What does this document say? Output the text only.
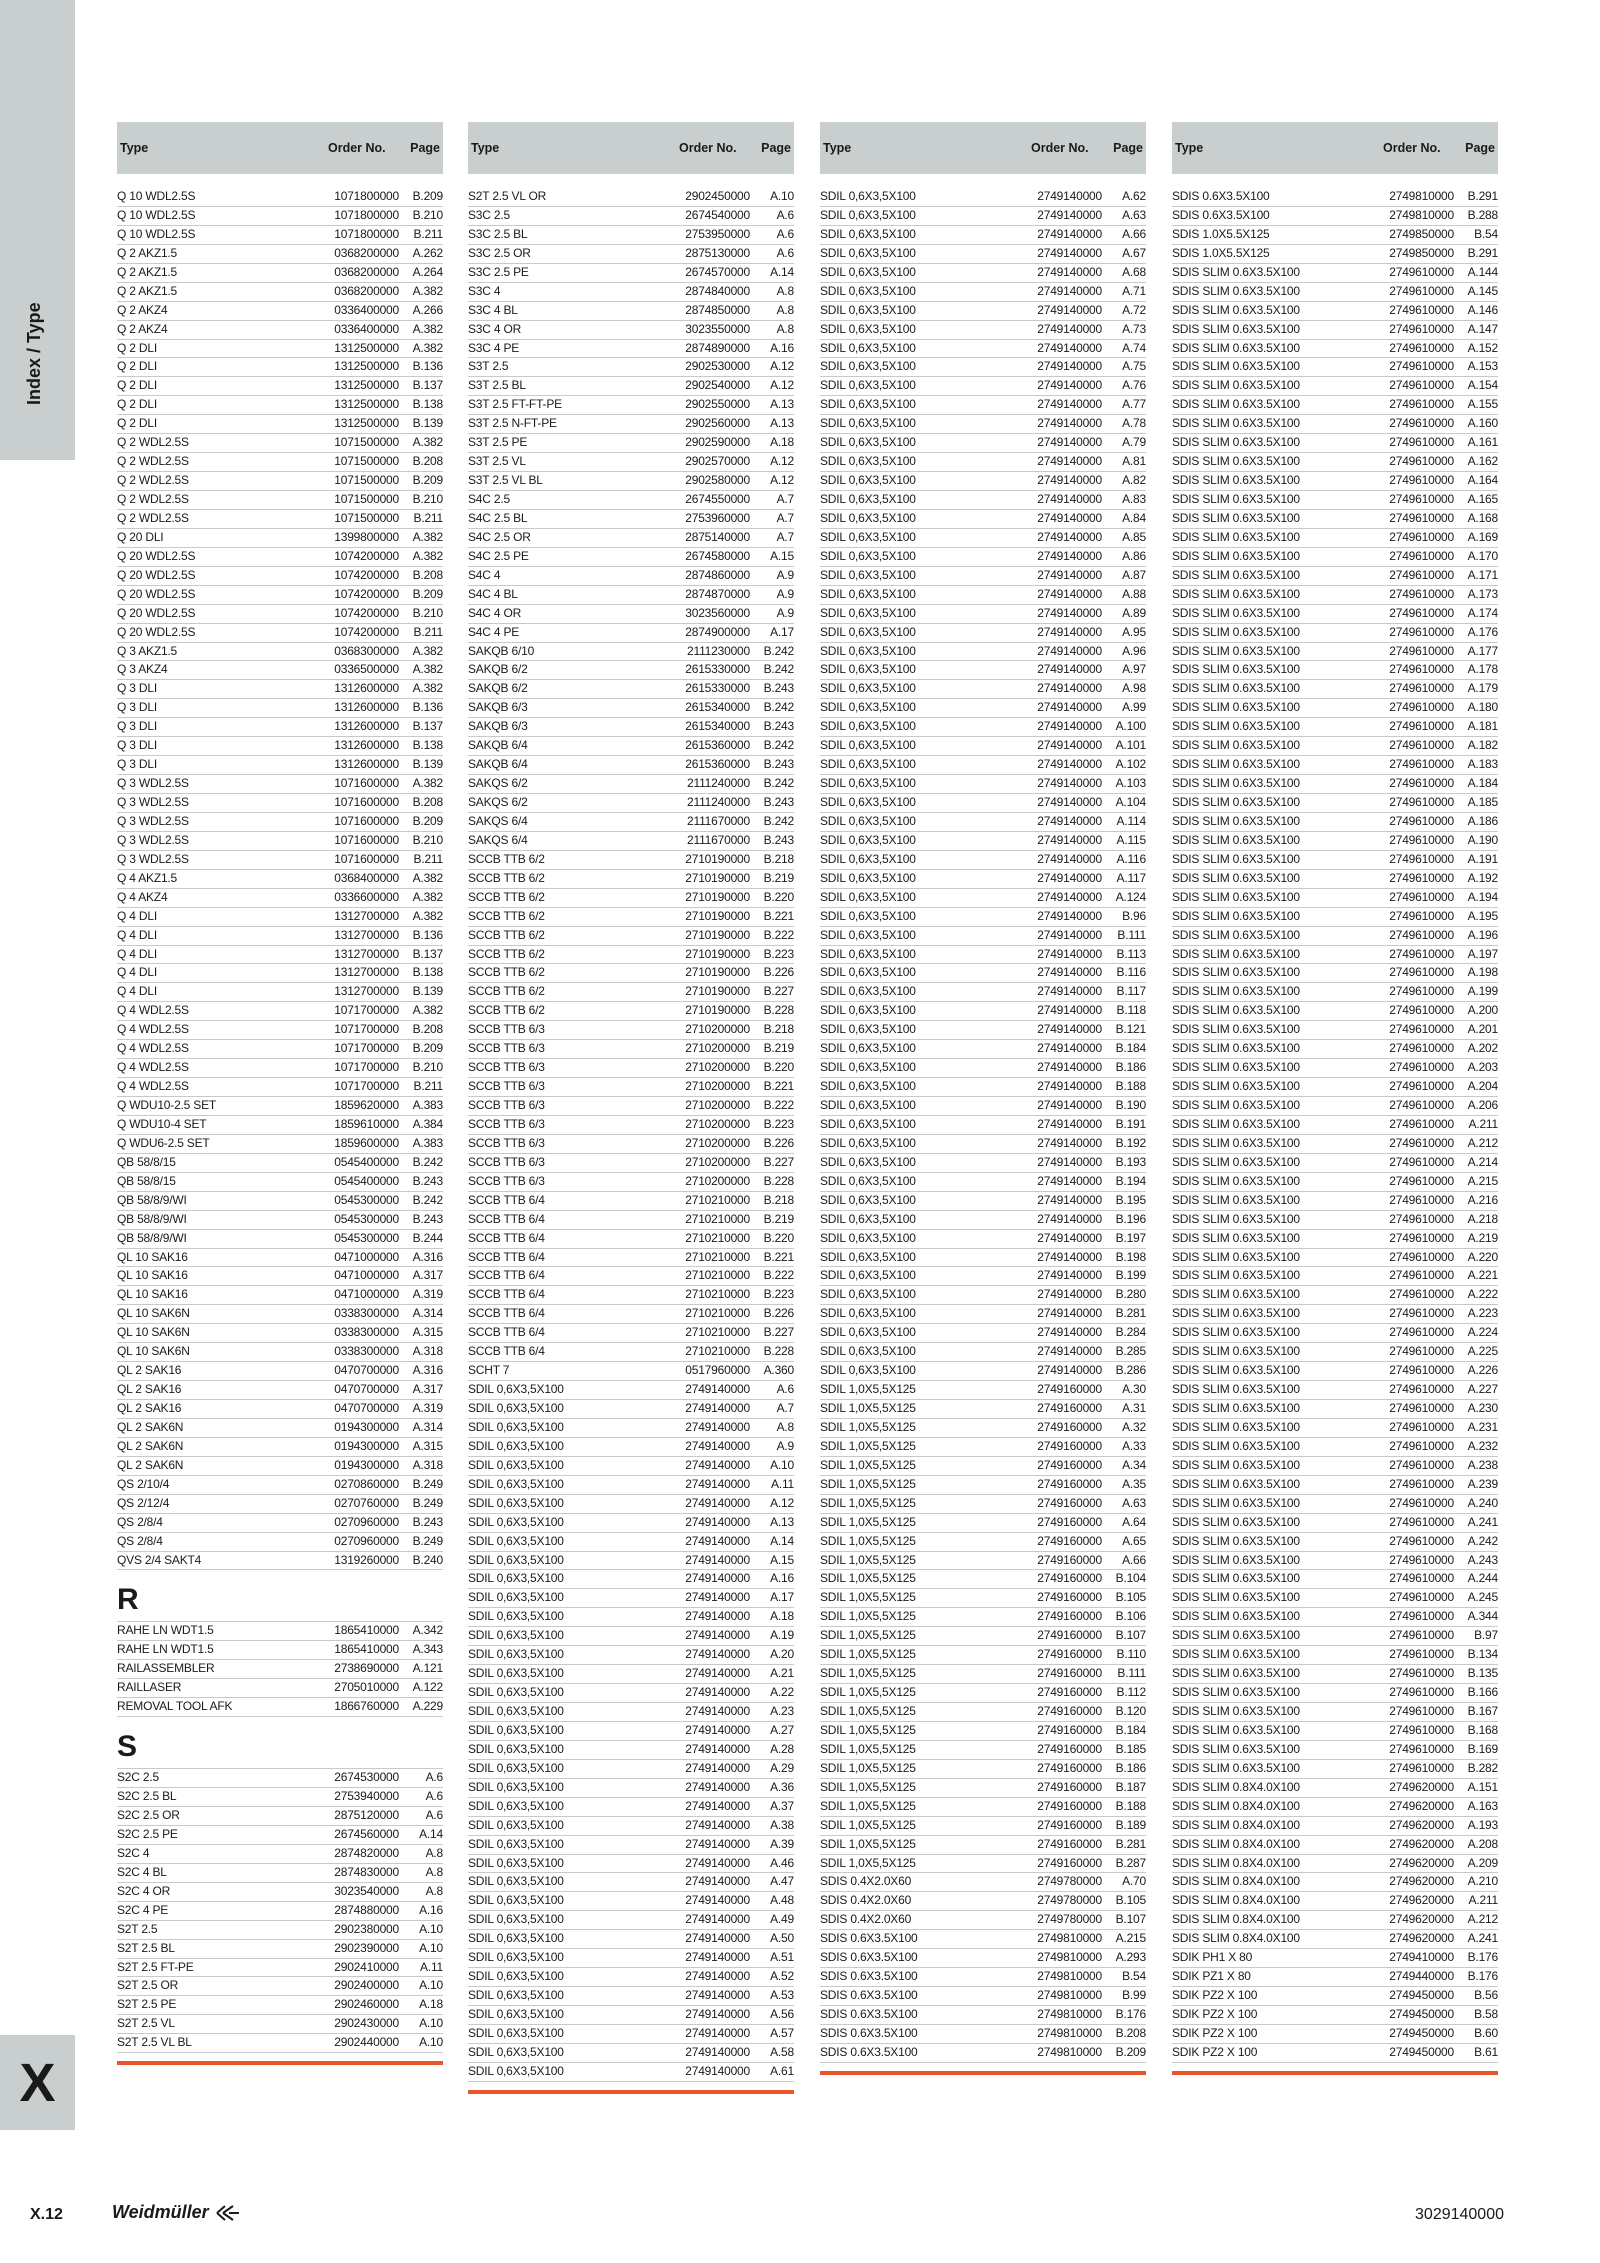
Index / Type
X
Type	Order No.	Page
Q 10 WDL2.5S	1071800000	B.209
Q 10 WDL2.5S	1071800000	B.210
Q 10 WDL2.5S	1071800000	B.211
Q 2 AKZ1.5	0368200000	A.262
Q 2 AKZ1.5	0368200000	A.264
Q 2 AKZ1.5	0368200000	A.382
Q 2 AKZ4	0336400000	A.266
Q 2 AKZ4	0336400000	A.382
Q 2 DLI	1312500000	A.382
Q 2 DLI	1312500000	B.136
Q 2 DLI	1312500000	B.137
Q 2 DLI	1312500000	B.138
Q 2 DLI	1312500000	B.139
Q 2 WDL2.5S	1071500000	A.382
Q 2 WDL2.5S	1071500000	B.208
Q 2 WDL2.5S	1071500000	B.209
Q 2 WDL2.5S	1071500000	B.210
Q 2 WDL2.5S	1071500000	B.211
Q 20 DLI	1399800000	A.382
Q 20 WDL2.5S	1074200000	A.382
Q 20 WDL2.5S	1074200000	B.208
Q 20 WDL2.5S	1074200000	B.209
Q 20 WDL2.5S	1074200000	B.210
Q 20 WDL2.5S	1074200000	B.211
Q 3 AKZ1.5	0368300000	A.382
Q 3 AKZ4	0336500000	A.382
Q 3 DLI	1312600000	A.382
Q 3 DLI	1312600000	B.136
Q 3 DLI	1312600000	B.137
Q 3 DLI	1312600000	B.138
Q 3 DLI	1312600000	B.139
Q 3 WDL2.5S	1071600000	A.382
Q 3 WDL2.5S	1071600000	B.208
Q 3 WDL2.5S	1071600000	B.209
Q 3 WDL2.5S	1071600000	B.210
Q 3 WDL2.5S	1071600000	B.211
Q 4 AKZ1.5	0368400000	A.382
Q 4 AKZ4	0336600000	A.382
Q 4 DLI	1312700000	A.382
Q 4 DLI	1312700000	B.136
Q 4 DLI	1312700000	B.137
Q 4 DLI	1312700000	B.138
Q 4 DLI	1312700000	B.139
Q 4 WDL2.5S	1071700000	A.382
Q 4 WDL2.5S	1071700000	B.208
Q 4 WDL2.5S	1071700000	B.209
Q 4 WDL2.5S	1071700000	B.210
Q 4 WDL2.5S	1071700000	B.211
Q WDU10-2.5 SET	1859620000	A.383
Q WDU10-4 SET	1859610000	A.384
Q WDU6-2.5 SET	1859600000	A.383
QB 58/8/15	0545400000	B.242
QB 58/8/15	0545400000	B.243
QB 58/8/9/WI	0545300000	B.242
QB 58/8/9/WI	0545300000	B.243
QB 58/8/9/WI	0545300000	B.244
QL 10 SAK16	0471000000	A.316
QL 10 SAK16	0471000000	A.317
QL 10 SAK16	0471000000	A.319
QL 10 SAK6N	0338300000	A.314
QL 10 SAK6N	0338300000	A.315
QL 10 SAK6N	0338300000	A.318
QL 2 SAK16	0470700000	A.316
QL 2 SAK16	0470700000	A.317
QL 2 SAK16	0470700000	A.319
QL 2 SAK6N	0194300000	A.314
QL 2 SAK6N	0194300000	A.315
QL 2 SAK6N	0194300000	A.318
QS 2/10/4	0270860000	B.249
QS 2/12/4	0270760000	B.249
QS 2/8/4	0270960000	B.243
QS 2/8/4	0270960000	B.249
QVS 2/4 SAKT4	1319260000	B.240
R
RAHE LN WDT1.5	1865410000	A.342
RAHE LN WDT1.5	1865410000	A.343
RAILASSEMBLER	2738690000	A.121
RAILLASER	2705010000	A.122
REMOVAL TOOL AFK	1866760000	A.229
S
S2C 2.5	2674530000	A.6
S2C 2.5 BL	2753940000	A.6
S2C 2.5 OR	2875120000	A.6
S2C 2.5 PE	2674560000	A.14
S2C 4	2874820000	A.8
S2C 4 BL	2874830000	A.8
S2C 4 OR	3023540000	A.8
S2C 4 PE	2874880000	A.16
S2T 2.5	2902380000	A.10
S2T 2.5 BL	2902390000	A.10
S2T 2.5 FT-PE	2902410000	A.11
S2T 2.5 OR	2902400000	A.10
S2T 2.5 PE	2902460000	A.18
S2T 2.5 VL	2902430000	A.10
S2T 2.5 VL BL	2902440000	A.10
Type	Order No.	Page
S2T 2.5 VL OR	2902450000	A.10
S3C 2.5	2674540000	A.6
S3C 2.5 BL	2753950000	A.6
S3C 2.5 OR	2875130000	A.6
S3C 2.5 PE	2674570000	A.14
S3C 4	2874840000	A.8
S3C 4 BL	2874850000	A.8
S3C 4 OR	3023550000	A.8
S3C 4 PE	2874890000	A.16
S3T 2.5	2902530000	A.12
S3T 2.5 BL	2902540000	A.12
S3T 2.5 FT-FT-PE	2902550000	A.13
S3T 2.5 N-FT-PE	2902560000	A.13
S3T 2.5 PE	2902590000	A.18
S3T 2.5 VL	2902570000	A.12
S3T 2.5 VL BL	2902580000	A.12
S4C 2.5	2674550000	A.7
S4C 2.5 BL	2753960000	A.7
S4C 2.5 OR	2875140000	A.7
S4C 2.5 PE	2674580000	A.15
S4C 4	2874860000	A.9
S4C 4 BL	2874870000	A.9
S4C 4 OR	3023560000	A.9
S4C 4 PE	2874900000	A.17
SAKQB 6/10	2111230000	B.242
SAKQB 6/2	2615330000	B.242
SAKQB 6/2	2615330000	B.243
SAKQB 6/3	2615340000	B.242
SAKQB 6/3	2615340000	B.243
SAKQB 6/4	2615360000	B.242
SAKQB 6/4	2615360000	B.243
SAKQS 6/2	2111240000	B.242
SAKQS 6/2	2111240000	B.243
SAKQS 6/4	2111670000	B.242
SAKQS 6/4	2111670000	B.243
SCCB TTB 6/2	2710190000	B.218
SCCB TTB 6/2	2710190000	B.219
SCCB TTB 6/2	2710190000	B.220
SCCB TTB 6/2	2710190000	B.221
SCCB TTB 6/2	2710190000	B.222
SCCB TTB 6/2	2710190000	B.223
SCCB TTB 6/2	2710190000	B.226
SCCB TTB 6/2	2710190000	B.227
SCCB TTB 6/2	2710190000	B.228
SCCB TTB 6/3	2710200000	B.218
SCCB TTB 6/3	2710200000	B.219
SCCB TTB 6/3	2710200000	B.220
SCCB TTB 6/3	2710200000	B.221
SCCB TTB 6/3	2710200000	B.222
SCCB TTB 6/3	2710200000	B.223
SCCB TTB 6/3	2710200000	B.226
SCCB TTB 6/3	2710200000	B.227
SCCB TTB 6/3	2710200000	B.228
SCCB TTB 6/4	2710210000	B.218
SCCB TTB 6/4	2710210000	B.219
SCCB TTB 6/4	2710210000	B.220
SCCB TTB 6/4	2710210000	B.221
SCCB TTB 6/4	2710210000	B.222
SCCB TTB 6/4	2710210000	B.223
SCCB TTB 6/4	2710210000	B.226
SCCB TTB 6/4	2710210000	B.227
SCCB TTB 6/4	2710210000	B.228
SCHT 7	0517960000	A.360
SDIL 0,6X3,5X100	2749140000	A.6
SDIL 0,6X3,5X100	2749140000	A.7
SDIL 0,6X3,5X100	2749140000	A.8
SDIL 0,6X3,5X100	2749140000	A.9
SDIL 0,6X3,5X100	2749140000	A.10
SDIL 0,6X3,5X100	2749140000	A.11
SDIL 0,6X3,5X100	2749140000	A.12
SDIL 0,6X3,5X100	2749140000	A.13
SDIL 0,6X3,5X100	2749140000	A.14
SDIL 0,6X3,5X100	2749140000	A.15
SDIL 0,6X3,5X100	2749140000	A.16
SDIL 0,6X3,5X100	2749140000	A.17
SDIL 0,6X3,5X100	2749140000	A.18
SDIL 0,6X3,5X100	2749140000	A.19
SDIL 0,6X3,5X100	2749140000	A.20
SDIL 0,6X3,5X100	2749140000	A.21
SDIL 0,6X3,5X100	2749140000	A.22
SDIL 0,6X3,5X100	2749140000	A.23
SDIL 0,6X3,5X100	2749140000	A.27
SDIL 0,6X3,5X100	2749140000	A.28
SDIL 0,6X3,5X100	2749140000	A.29
SDIL 0,6X3,5X100	2749140000	A.36
SDIL 0,6X3,5X100	2749140000	A.37
SDIL 0,6X3,5X100	2749140000	A.38
SDIL 0,6X3,5X100	2749140000	A.39
SDIL 0,6X3,5X100	2749140000	A.46
SDIL 0,6X3,5X100	2749140000	A.47
SDIL 0,6X3,5X100	2749140000	A.48
SDIL 0,6X3,5X100	2749140000	A.49
SDIL 0,6X3,5X100	2749140000	A.50
SDIL 0,6X3,5X100	2749140000	A.51
SDIL 0,6X3,5X100	2749140000	A.52
SDIL 0,6X3,5X100	2749140000	A.53
SDIL 0,6X3,5X100	2749140000	A.56
SDIL 0,6X3,5X100	2749140000	A.57
SDIL 0,6X3,5X100	2749140000	A.58
SDIL 0,6X3,5X100	2749140000	A.61
Type	Order No.	Page
SDIL 0,6X3,5X100	2749140000	A.62
SDIL 0,6X3,5X100	2749140000	A.63
SDIL 0,6X3,5X100	2749140000	A.66
SDIL 0,6X3,5X100	2749140000	A.67
SDIL 0,6X3,5X100	2749140000	A.68
SDIL 0,6X3,5X100	2749140000	A.71
SDIL 0,6X3,5X100	2749140000	A.72
SDIL 0,6X3,5X100	2749140000	A.73
SDIL 0,6X3,5X100	2749140000	A.74
SDIL 0,6X3,5X100	2749140000	A.75
SDIL 0,6X3,5X100	2749140000	A.76
SDIL 0,6X3,5X100	2749140000	A.77
SDIL 0,6X3,5X100	2749140000	A.78
SDIL 0,6X3,5X100	2749140000	A.79
SDIL 0,6X3,5X100	2749140000	A.81
SDIL 0,6X3,5X100	2749140000	A.82
SDIL 0,6X3,5X100	2749140000	A.83
SDIL 0,6X3,5X100	2749140000	A.84
SDIL 0,6X3,5X100	2749140000	A.85
SDIL 0,6X3,5X100	2749140000	A.86
SDIL 0,6X3,5X100	2749140000	A.87
SDIL 0,6X3,5X100	2749140000	A.88
SDIL 0,6X3,5X100	2749140000	A.89
SDIL 0,6X3,5X100	2749140000	A.95
SDIL 0,6X3,5X100	2749140000	A.96
SDIL 0,6X3,5X100	2749140000	A.97
SDIL 0,6X3,5X100	2749140000	A.98
SDIL 0,6X3,5X100	2749140000	A.99
SDIL 0,6X3,5X100	2749140000	A.100
SDIL 0,6X3,5X100	2749140000	A.101
SDIL 0,6X3,5X100	2749140000	A.102
SDIL 0,6X3,5X100	2749140000	A.103
SDIL 0,6X3,5X100	2749140000	A.104
SDIL 0,6X3,5X100	2749140000	A.114
SDIL 0,6X3,5X100	2749140000	A.115
SDIL 0,6X3,5X100	2749140000	A.116
SDIL 0,6X3,5X100	2749140000	A.117
SDIL 0,6X3,5X100	2749140000	A.124
SDIL 0,6X3,5X100	2749140000	B.96
SDIL 0,6X3,5X100	2749140000	B.111
SDIL 0,6X3,5X100	2749140000	B.113
SDIL 0,6X3,5X100	2749140000	B.116
SDIL 0,6X3,5X100	2749140000	B.117
SDIL 0,6X3,5X100	2749140000	B.118
SDIL 0,6X3,5X100	2749140000	B.121
SDIL 0,6X3,5X100	2749140000	B.184
SDIL 0,6X3,5X100	2749140000	B.186
SDIL 0,6X3,5X100	2749140000	B.188
SDIL 0,6X3,5X100	2749140000	B.190
SDIL 0,6X3,5X100	2749140000	B.191
SDIL 0,6X3,5X100	2749140000	B.192
SDIL 0,6X3,5X100	2749140000	B.193
SDIL 0,6X3,5X100	2749140000	B.194
SDIL 0,6X3,5X100	2749140000	B.195
SDIL 0,6X3,5X100	2749140000	B.196
SDIL 0,6X3,5X100	2749140000	B.197
SDIL 0,6X3,5X100	2749140000	B.198
SDIL 0,6X3,5X100	2749140000	B.199
SDIL 0,6X3,5X100	2749140000	B.280
SDIL 0,6X3,5X100	2749140000	B.281
SDIL 0,6X3,5X100	2749140000	B.284
SDIL 0,6X3,5X100	2749140000	B.285
SDIL 0,6X3,5X100	2749140000	B.286
SDIL 1,0X5,5X125	2749160000	A.30
SDIL 1,0X5,5X125	2749160000	A.31
SDIL 1,0X5,5X125	2749160000	A.32
SDIL 1,0X5,5X125	2749160000	A.33
SDIL 1,0X5,5X125	2749160000	A.34
SDIL 1,0X5,5X125	2749160000	A.35
SDIL 1,0X5,5X125	2749160000	A.63
SDIL 1,0X5,5X125	2749160000	A.64
SDIL 1,0X5,5X125	2749160000	A.65
SDIL 1,0X5,5X125	2749160000	A.66
SDIL 1,0X5,5X125	2749160000	B.104
SDIL 1,0X5,5X125	2749160000	B.105
SDIL 1,0X5,5X125	2749160000	B.106
SDIL 1,0X5,5X125	2749160000	B.107
SDIL 1,0X5,5X125	2749160000	B.110
SDIL 1,0X5,5X125	2749160000	B.111
SDIL 1,0X5,5X125	2749160000	B.112
SDIL 1,0X5,5X125	2749160000	B.120
SDIL 1,0X5,5X125	2749160000	B.184
SDIL 1,0X5,5X125	2749160000	B.185
SDIL 1,0X5,5X125	2749160000	B.186
SDIL 1,0X5,5X125	2749160000	B.187
SDIL 1,0X5,5X125	2749160000	B.188
SDIL 1,0X5,5X125	2749160000	B.189
SDIL 1,0X5,5X125	2749160000	B.281
SDIL 1,0X5,5X125	2749160000	B.287
SDIS 0.4X2.0X60	2749780000	A.70
SDIS 0.4X2.0X60	2749780000	B.105
SDIS 0.4X2.0X60	2749780000	B.107
SDIS 0.6X3.5X100	2749810000	A.215
SDIS 0.6X3.5X100	2749810000	A.293
SDIS 0.6X3.5X100	2749810000	B.54
SDIS 0.6X3.5X100	2749810000	B.99
SDIS 0.6X3.5X100	2749810000	B.176
SDIS 0.6X3.5X100	2749810000	B.208
SDIS 0.6X3.5X100	2749810000	B.209
Type	Order No.	Page
SDIS 0.6X3.5X100	2749810000	B.291
SDIS 0.6X3.5X100	2749810000	B.288
SDIS 1.0X5.5X125	2749850000	B.54
SDIS 1.0X5.5X125	2749850000	B.291
SDIS SLIM 0.6X3.5X100	2749610000	A.144
SDIS SLIM 0.6X3.5X100	2749610000	A.145
SDIS SLIM 0.6X3.5X100	2749610000	A.146
SDIS SLIM 0.6X3.5X100	2749610000	A.147
SDIS SLIM 0.6X3.5X100	2749610000	A.152
SDIS SLIM 0.6X3.5X100	2749610000	A.153
SDIS SLIM 0.6X3.5X100	2749610000	A.154
SDIS SLIM 0.6X3.5X100	2749610000	A.155
SDIS SLIM 0.6X3.5X100	2749610000	A.160
SDIS SLIM 0.6X3.5X100	2749610000	A.161
SDIS SLIM 0.6X3.5X100	2749610000	A.162
SDIS SLIM 0.6X3.5X100	2749610000	A.164
SDIS SLIM 0.6X3.5X100	2749610000	A.165
SDIS SLIM 0.6X3.5X100	2749610000	A.168
SDIS SLIM 0.6X3.5X100	2749610000	A.169
SDIS SLIM 0.6X3.5X100	2749610000	A.170
SDIS SLIM 0.6X3.5X100	2749610000	A.171
SDIS SLIM 0.6X3.5X100	2749610000	A.173
SDIS SLIM 0.6X3.5X100	2749610000	A.174
SDIS SLIM 0.6X3.5X100	2749610000	A.176
SDIS SLIM 0.6X3.5X100	2749610000	A.177
SDIS SLIM 0.6X3.5X100	2749610000	A.178
SDIS SLIM 0.6X3.5X100	2749610000	A.179
SDIS SLIM 0.6X3.5X100	2749610000	A.180
SDIS SLIM 0.6X3.5X100	2749610000	A.181
SDIS SLIM 0.6X3.5X100	2749610000	A.182
SDIS SLIM 0.6X3.5X100	2749610000	A.183
SDIS SLIM 0.6X3.5X100	2749610000	A.184
SDIS SLIM 0.6X3.5X100	2749610000	A.185
SDIS SLIM 0.6X3.5X100	2749610000	A.186
SDIS SLIM 0.6X3.5X100	2749610000	A.190
SDIS SLIM 0.6X3.5X100	2749610000	A.191
SDIS SLIM 0.6X3.5X100	2749610000	A.192
SDIS SLIM 0.6X3.5X100	2749610000	A.194
SDIS SLIM 0.6X3.5X100	2749610000	A.195
SDIS SLIM 0.6X3.5X100	2749610000	A.196
SDIS SLIM 0.6X3.5X100	2749610000	A.197
SDIS SLIM 0.6X3.5X100	2749610000	A.198
SDIS SLIM 0.6X3.5X100	2749610000	A.199
SDIS SLIM 0.6X3.5X100	2749610000	A.200
SDIS SLIM 0.6X3.5X100	2749610000	A.201
SDIS SLIM 0.6X3.5X100	2749610000	A.202
SDIS SLIM 0.6X3.5X100	2749610000	A.203
SDIS SLIM 0.6X3.5X100	2749610000	A.204
SDIS SLIM 0.6X3.5X100	2749610000	A.206
SDIS SLIM 0.6X3.5X100	2749610000	A.211
SDIS SLIM 0.6X3.5X100	2749610000	A.212
SDIS SLIM 0.6X3.5X100	2749610000	A.214
SDIS SLIM 0.6X3.5X100	2749610000	A.215
SDIS SLIM 0.6X3.5X100	2749610000	A.216
SDIS SLIM 0.6X3.5X100	2749610000	A.218
SDIS SLIM 0.6X3.5X100	2749610000	A.219
SDIS SLIM 0.6X3.5X100	2749610000	A.220
SDIS SLIM 0.6X3.5X100	2749610000	A.221
SDIS SLIM 0.6X3.5X100	2749610000	A.222
SDIS SLIM 0.6X3.5X100	2749610000	A.223
SDIS SLIM 0.6X3.5X100	2749610000	A.224
SDIS SLIM 0.6X3.5X100	2749610000	A.225
SDIS SLIM 0.6X3.5X100	2749610000	A.226
SDIS SLIM 0.6X3.5X100	2749610000	A.227
SDIS SLIM 0.6X3.5X100	2749610000	A.230
SDIS SLIM 0.6X3.5X100	2749610000	A.231
SDIS SLIM 0.6X3.5X100	2749610000	A.232
SDIS SLIM 0.6X3.5X100	2749610000	A.238
SDIS SLIM 0.6X3.5X100	2749610000	A.239
SDIS SLIM 0.6X3.5X100	2749610000	A.240
SDIS SLIM 0.6X3.5X100	2749610000	A.241
SDIS SLIM 0.6X3.5X100	2749610000	A.242
SDIS SLIM 0.6X3.5X100	2749610000	A.243
SDIS SLIM 0.6X3.5X100	2749610000	A.244
SDIS SLIM 0.6X3.5X100	2749610000	A.245
SDIS SLIM 0.6X3.5X100	2749610000	A.344
SDIS SLIM 0.6X3.5X100	2749610000	B.97
SDIS SLIM 0.6X3.5X100	2749610000	B.134
SDIS SLIM 0.6X3.5X100	2749610000	B.135
SDIS SLIM 0.6X3.5X100	2749610000	B.166
SDIS SLIM 0.6X3.5X100	2749610000	B.167
SDIS SLIM 0.6X3.5X100	2749610000	B.168
SDIS SLIM 0.6X3.5X100	2749610000	B.169
SDIS SLIM 0.6X3.5X100	2749610000	B.282
SDIS SLIM 0.8X4.0X100	2749620000	A.151
SDIS SLIM 0.8X4.0X100	2749620000	A.163
SDIS SLIM 0.8X4.0X100	2749620000	A.193
SDIS SLIM 0.8X4.0X100	2749620000	A.208
SDIS SLIM 0.8X4.0X100	2749620000	A.209
SDIS SLIM 0.8X4.0X100	2749620000	A.210
SDIS SLIM 0.8X4.0X100	2749620000	A.211
SDIS SLIM 0.8X4.0X100	2749620000	A.212
SDIS SLIM 0.8X4.0X100	2749620000	A.241
SDIK PH1 X 80	2749410000	B.176
SDIK PZ1 X 80	2749440000	B.176
SDIK PZ2 X 100	2749450000	B.56
SDIK PZ2 X 100	2749450000	B.58
SDIK PZ2 X 100	2749450000	B.60
SDIK PZ2 X 100	2749450000	B.61
X.12	Weidmüller	3029140000
